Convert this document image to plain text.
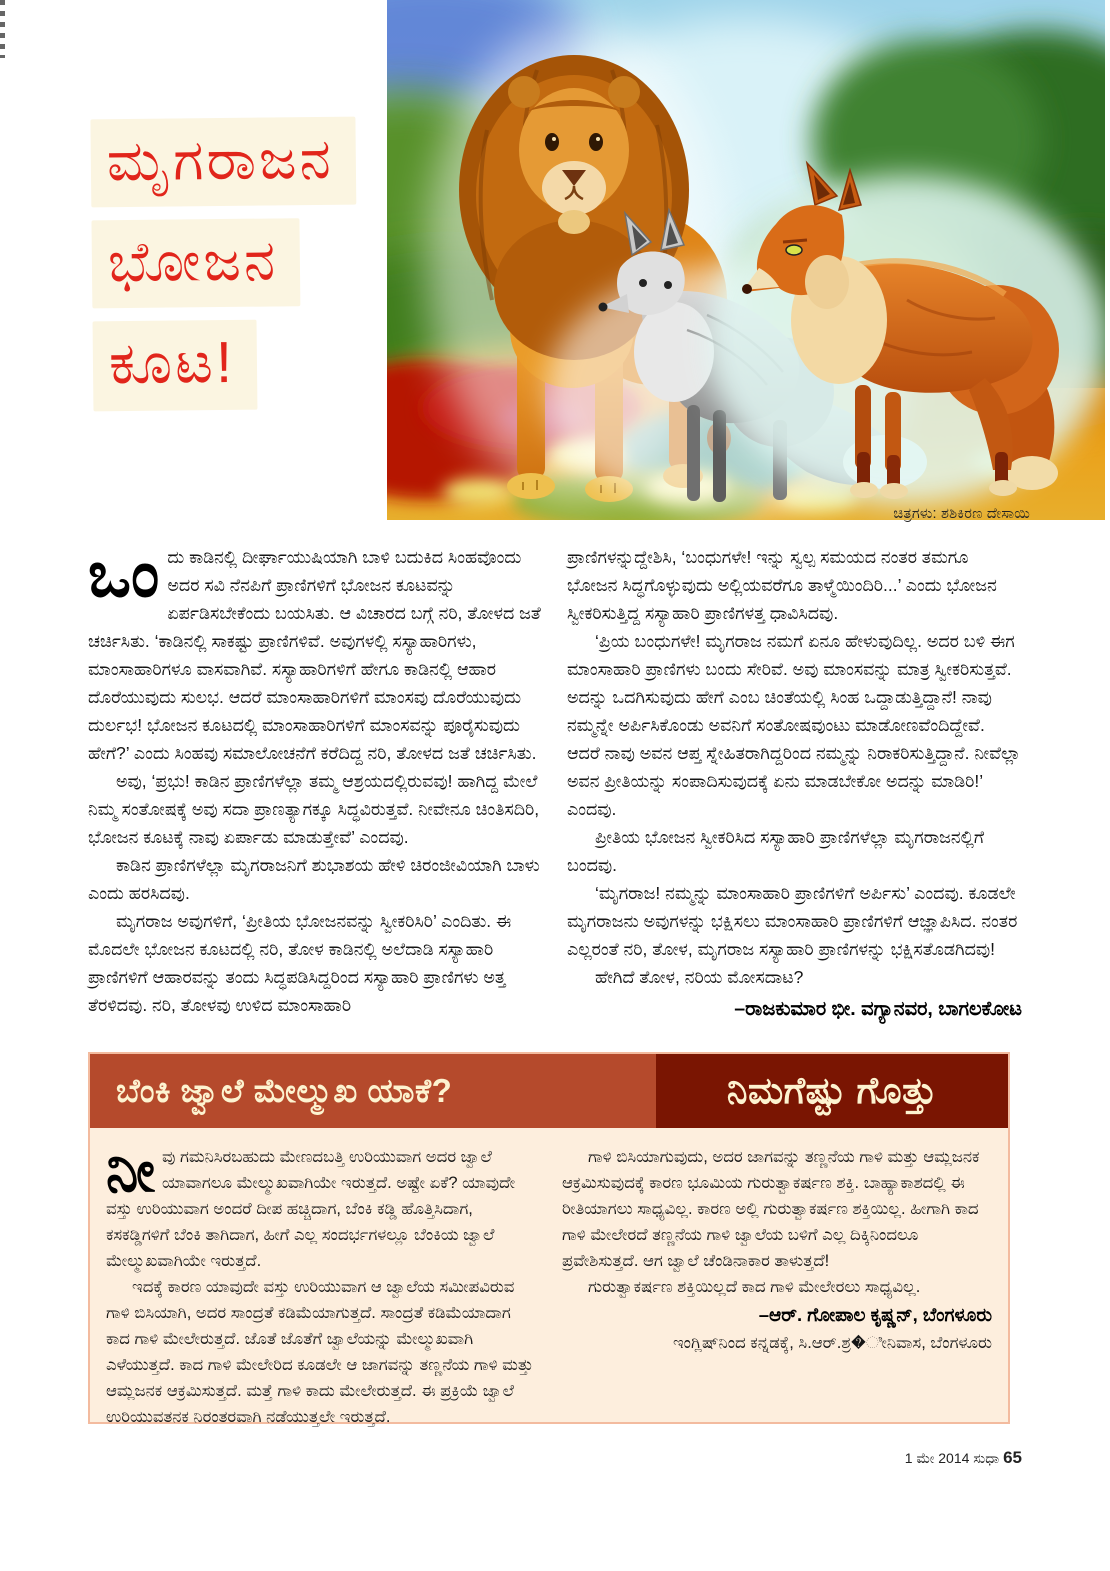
ಚಿತ್ರಗಳು: ಶಶಿಕಿರಣ ದೇಸಾಯಿ
ಮೃಗರಾಜನ
ಭೋಜನ
ಕೂಟ!

ಒಂದು ಕಾಡಿನಲ್ಲಿ ದೀರ್ಘಾಯುಷಿಯಾಗಿ ಬಾಳಿ ಬದುಕಿದ ಸಿಂಹವೊಂದು ಅದರ ಸವಿ ನೆನಪಿಗೆ ಪ್ರಾಣಿಗಳಿಗೆ ಭೋಜನ ಕೂಟವನ್ನು ಏರ್ಪಡಿಸಬೇಕೆಂದು ಬಯಸಿತು. ಆ ವಿಚಾರದ ಬಗ್ಗೆ ನರಿ, ತೋಳದ ಜತೆ ಚರ್ಚಿಸಿತು. ‘ಕಾಡಿನಲ್ಲಿ ಸಾಕಷ್ಟು ಪ್ರಾಣಿಗಳಿವೆ. ಅವುಗಳಲ್ಲಿ ಸಸ್ಯಾಹಾರಿಗಳು, ಮಾಂಸಾಹಾರಿಗಳೂ ವಾಸವಾಗಿವೆ. ಸಸ್ಯಾಹಾರಿಗಳಿಗೆ ಹೇಗೂ ಕಾಡಿನಲ್ಲಿ ಆಹಾರ ದೊರೆಯುವುದು ಸುಲಭ. ಆದರೆ ಮಾಂಸಾಹಾರಿಗಳಿಗೆ ಮಾಂಸವು ದೊರೆಯುವುದು ದುರ್ಲಭ! ಭೋಜನ ಕೂಟದಲ್ಲಿ ಮಾಂಸಾಹಾರಿಗಳಿಗೆ ಮಾಂಸವನ್ನು ಪೂರೈಸುವುದು ಹೇಗೆ?’ ಎಂದು ಸಿಂಹವು ಸಮಾಲೋಚನೆಗೆ ಕರೆದಿದ್ದ ನರಿ, ತೋಳದ ಜತೆ ಚರ್ಚಿಸಿತು.

ಅವು, ‘ಪ್ರಭು! ಕಾಡಿನ ಪ್ರಾಣಿಗಳೆಲ್ಲಾ ತಮ್ಮ ಆಶ್ರಯದಲ್ಲಿರುವವು! ಹಾಗಿದ್ದ ಮೇಲೆ ನಿಮ್ಮ ಸಂತೋಷಕ್ಕೆ ಅವು ಸದಾ ಪ್ರಾಣತ್ಯಾಗಕ್ಕೂ ಸಿದ್ಧವಿರುತ್ತವೆ. ನೀವೇನೂ ಚಿಂತಿಸದಿರಿ, ಭೋಜನ ಕೂಟಕ್ಕೆ ನಾವು ಏರ್ಪಾಡು ಮಾಡುತ್ತೇವೆ’ ಎಂದವು.

ಕಾಡಿನ ಪ್ರಾಣಿಗಳೆಲ್ಲಾ ಮೃಗರಾಜನಿಗೆ ಶುಭಾಶಯ ಹೇಳಿ ಚಿರಂಜೀವಿಯಾಗಿ ಬಾಳು ಎಂದು ಹರಸಿದವು.

ಮೃಗರಾಜ ಅವುಗಳಿಗೆ, ‘ಪ್ರೀತಿಯ ಭೋಜನವನ್ನು ಸ್ವೀಕರಿಸಿರಿ’ ಎಂದಿತು. ಈ ಮೊದಲೇ ಭೋಜನ ಕೂಟದಲ್ಲಿ ನರಿ, ತೋಳ ಕಾಡಿನಲ್ಲಿ ಅಲೆದಾಡಿ ಸಸ್ಯಾಹಾರಿ ಪ್ರಾಣಿಗಳಿಗೆ ಆಹಾರವನ್ನು ತಂದು ಸಿದ್ಧಪಡಿಸಿದ್ದರಿಂದ ಸಸ್ಯಾಹಾರಿ ಪ್ರಾಣಿಗಳು ಅತ್ತ ತೆರಳಿದವು. ನರಿ, ತೋಳವು ಉಳಿದ ಮಾಂಸಾಹಾರಿ

ಪ್ರಾಣಿಗಳನ್ನುದ್ದೇಶಿಸಿ, ‘ಬಂಧುಗಳೇ! ಇನ್ನು ಸ್ವಲ್ಪ ಸಮಯದ ನಂತರ ತಮಗೂ ಭೋಜನ ಸಿದ್ಧಗೊಳ್ಳುವುದು ಅಲ್ಲಿಯವರೆಗೂ ತಾಳ್ಮೆಯಿಂದಿರಿ...’ ಎಂದು ಭೋಜನ ಸ್ವೀಕರಿಸುತ್ತಿದ್ದ ಸಸ್ಯಾಹಾರಿ ಪ್ರಾಣಿಗಳತ್ತ ಧಾವಿಸಿದವು.

‘ಪ್ರಿಯ ಬಂಧುಗಳೇ! ಮೃಗರಾಜ ನಮಗೆ ಏನೂ ಹೇಳುವುದಿಲ್ಲ. ಅದರ ಬಳಿ ಈಗ ಮಾಂಸಾಹಾರಿ ಪ್ರಾಣಿಗಳು ಬಂದು ಸೇರಿವೆ. ಅವು ಮಾಂಸವನ್ನು ಮಾತ್ರ ಸ್ವೀಕರಿಸುತ್ತವೆ. ಅದನ್ನು ಒದಗಿಸುವುದು ಹೇಗೆ ಎಂಬ ಚಿಂತೆಯಲ್ಲಿ ಸಿಂಹ ಒದ್ದಾಡುತ್ತಿದ್ದಾನೆ! ನಾವು ನಮ್ಮನ್ನೇ ಅರ್ಪಿಸಿಕೊಂಡು ಅವನಿಗೆ ಸಂತೋಷವುಂಟು ಮಾಡೋಣವೆಂದಿದ್ದೇವೆ. ಆದರೆ ನಾವು ಅವನ ಆಪ್ತ ಸ್ನೇಹಿತರಾಗಿದ್ದರಿಂದ ನಮ್ಮನ್ನು ನಿರಾಕರಿಸುತ್ತಿದ್ದಾನೆ. ನೀವೆಲ್ಲಾ ಅವನ ಪ್ರೀತಿಯನ್ನು ಸಂಪಾದಿಸುವುದಕ್ಕೆ ಏನು ಮಾಡಬೇಕೋ ಅದನ್ನು ಮಾಡಿರಿ!’ ಎಂದವು.

ಪ್ರೀತಿಯ ಭೋಜನ ಸ್ವೀಕರಿಸಿದ ಸಸ್ಯಾಹಾರಿ ಪ್ರಾಣಿಗಳೆಲ್ಲಾ ಮೃಗರಾಜನಲ್ಲಿಗೆ ಬಂದವು.

‘ಮೃಗರಾಜ! ನಮ್ಮನ್ನು ಮಾಂಸಾಹಾರಿ ಪ್ರಾಣಿಗಳಿಗೆ ಅರ್ಪಿಸು’ ಎಂದವು. ಕೂಡಲೇ ಮೃಗರಾಜನು ಅವುಗಳನ್ನು ಭಕ್ಷಿಸಲು ಮಾಂಸಾಹಾರಿ ಪ್ರಾಣಿಗಳಿಗೆ ಆಜ್ಞಾಪಿಸಿದ. ನಂತರ ಎಲ್ಲರಂತೆ ನರಿ, ತೋಳ, ಮೃಗರಾಜ ಸಸ್ಯಾಹಾರಿ ಪ್ರಾಣಿಗಳನ್ನು ಭಕ್ಷಿಸತೊಡಗಿದವು!

ಹೇಗಿದೆ ತೋಳ, ನರಿಯ ಮೋಸದಾಟ?

–ರಾಜಕುಮಾರ ಭೀ. ವಗ್ಯಾನವರ, ಬಾಗಲಕೋಟ
ಬೆಂಕಿ ಜ್ವಾಲೆ ಮೇಲ್ಮುಖ ಯಾಕೆ?	ನಿಮಗೆಷ್ಟು ಗೊತ್ತು

ನೀವು ಗಮನಿಸಿರಬಹುದು ಮೇಣದಬತ್ತಿ ಉರಿಯುವಾಗ ಅದರ ಜ್ವಾಲೆ ಯಾವಾಗಲೂ ಮೇಲ್ಮುಖವಾಗಿಯೇ ಇರುತ್ತದೆ. ಅಷ್ಟೇ ಏಕೆ? ಯಾವುದೇ ವಸ್ತು ಉರಿಯುವಾಗ ಅಂದರೆ ದೀಪ ಹಚ್ಚಿದಾಗ, ಬೆಂಕಿ ಕಡ್ಡಿ ಹೊತ್ತಿಸಿದಾಗ, ಕಸಕಡ್ಡಿಗಳಿಗೆ ಬೆಂಕಿ ತಾಗಿದಾಗ, ಹೀಗೆ ಎಲ್ಲ ಸಂದರ್ಭಗಳಲ್ಲೂ ಬೆಂಕಿಯ ಜ್ವಾಲೆ ಮೇಲ್ಮುಖವಾಗಿಯೇ ಇರುತ್ತದೆ.

ಇದಕ್ಕೆ ಕಾರಣ ಯಾವುದೇ ವಸ್ತು ಉರಿಯುವಾಗ ಆ ಜ್ವಾಲೆಯ ಸಮೀಪವಿರುವ ಗಾಳಿ ಬಿಸಿಯಾಗಿ, ಅದರ ಸಾಂದ್ರತೆ ಕಡಿಮೆಯಾಗುತ್ತದೆ. ಸಾಂದ್ರತೆ ಕಡಿಮೆಯಾದಾಗ ಕಾದ ಗಾಳಿ ಮೇಲೇರುತ್ತದೆ. ಜೊತೆ ಜೊತೆಗೆ ಜ್ವಾಲೆಯನ್ನು ಮೇಲ್ಮುಖವಾಗಿ ಎಳೆಯುತ್ತದೆ. ಕಾದ ಗಾಳಿ ಮೇಲೇರಿದ ಕೂಡಲೇ ಆ ಜಾಗವನ್ನು ತಣ್ಣನೆಯ ಗಾಳಿ ಮತ್ತು ಆಮ್ಲಜನಕ ಆಕ್ರಮಿಸುತ್ತದೆ. ಮತ್ತೆ ಗಾಳಿ ಕಾದು ಮೇಲೇರುತ್ತದೆ. ಈ ಪ್ರಕ್ರಿಯೆ ಜ್ವಾಲೆ ಉರಿಯುವತನಕ ನಿರಂತರವಾಗಿ ನಡೆಯುತ್ತಲೇ ಇರುತ್ತದೆ.

ಗಾಳಿ ಬಿಸಿಯಾಗುವುದು, ಅದರ ಜಾಗವನ್ನು ತಣ್ಣನೆಯ ಗಾಳಿ ಮತ್ತು ಆಮ್ಲಜನಕ ಆಕ್ರಮಿಸುವುದಕ್ಕೆ ಕಾರಣ ಭೂಮಿಯ ಗುರುತ್ವಾಕರ್ಷಣ ಶಕ್ತಿ. ಬಾಹ್ಯಾಕಾಶದಲ್ಲಿ ಈ ರೀತಿಯಾಗಲು ಸಾಧ್ಯವಿಲ್ಲ. ಕಾರಣ ಅಲ್ಲಿ ಗುರುತ್ವಾಕರ್ಷಣ ಶಕ್ತಿಯಿಲ್ಲ. ಹೀಗಾಗಿ ಕಾದ ಗಾಳಿ ಮೇಲೇರದೆ ತಣ್ಣನೆಯ ಗಾಳಿ ಜ್ವಾಲೆಯ ಬಳಿಗೆ ಎಲ್ಲ ದಿಕ್ಕಿನಿಂದಲೂ ಪ್ರವೇಶಿಸುತ್ತದೆ. ಆಗ ಜ್ವಾಲೆ ಚೆಂಡಿನಾಕಾರ ತಾಳುತ್ತದೆ!

ಗುರುತ್ವಾಕರ್ಷಣ ಶಕ್ತಿಯಿಲ್ಲದೆ ಕಾದ ಗಾಳಿ ಮೇಲೇರಲು ಸಾಧ್ಯವಿಲ್ಲ.

–ಆರ್. ಗೋಪಾಲ ಕೃಷ್ಣನ್, ಬೆಂಗಳೂರು
ಇಂಗ್ಲಿಷ್‌ನಿಂದ ಕನ್ನಡಕ್ಕೆ, ಸಿ.ಆರ್.ಶ್ರ�ೀನಿವಾಸ, ಬೆಂಗಳೂರು
1 ಮೇ 2014 ಸುಧಾ 65
